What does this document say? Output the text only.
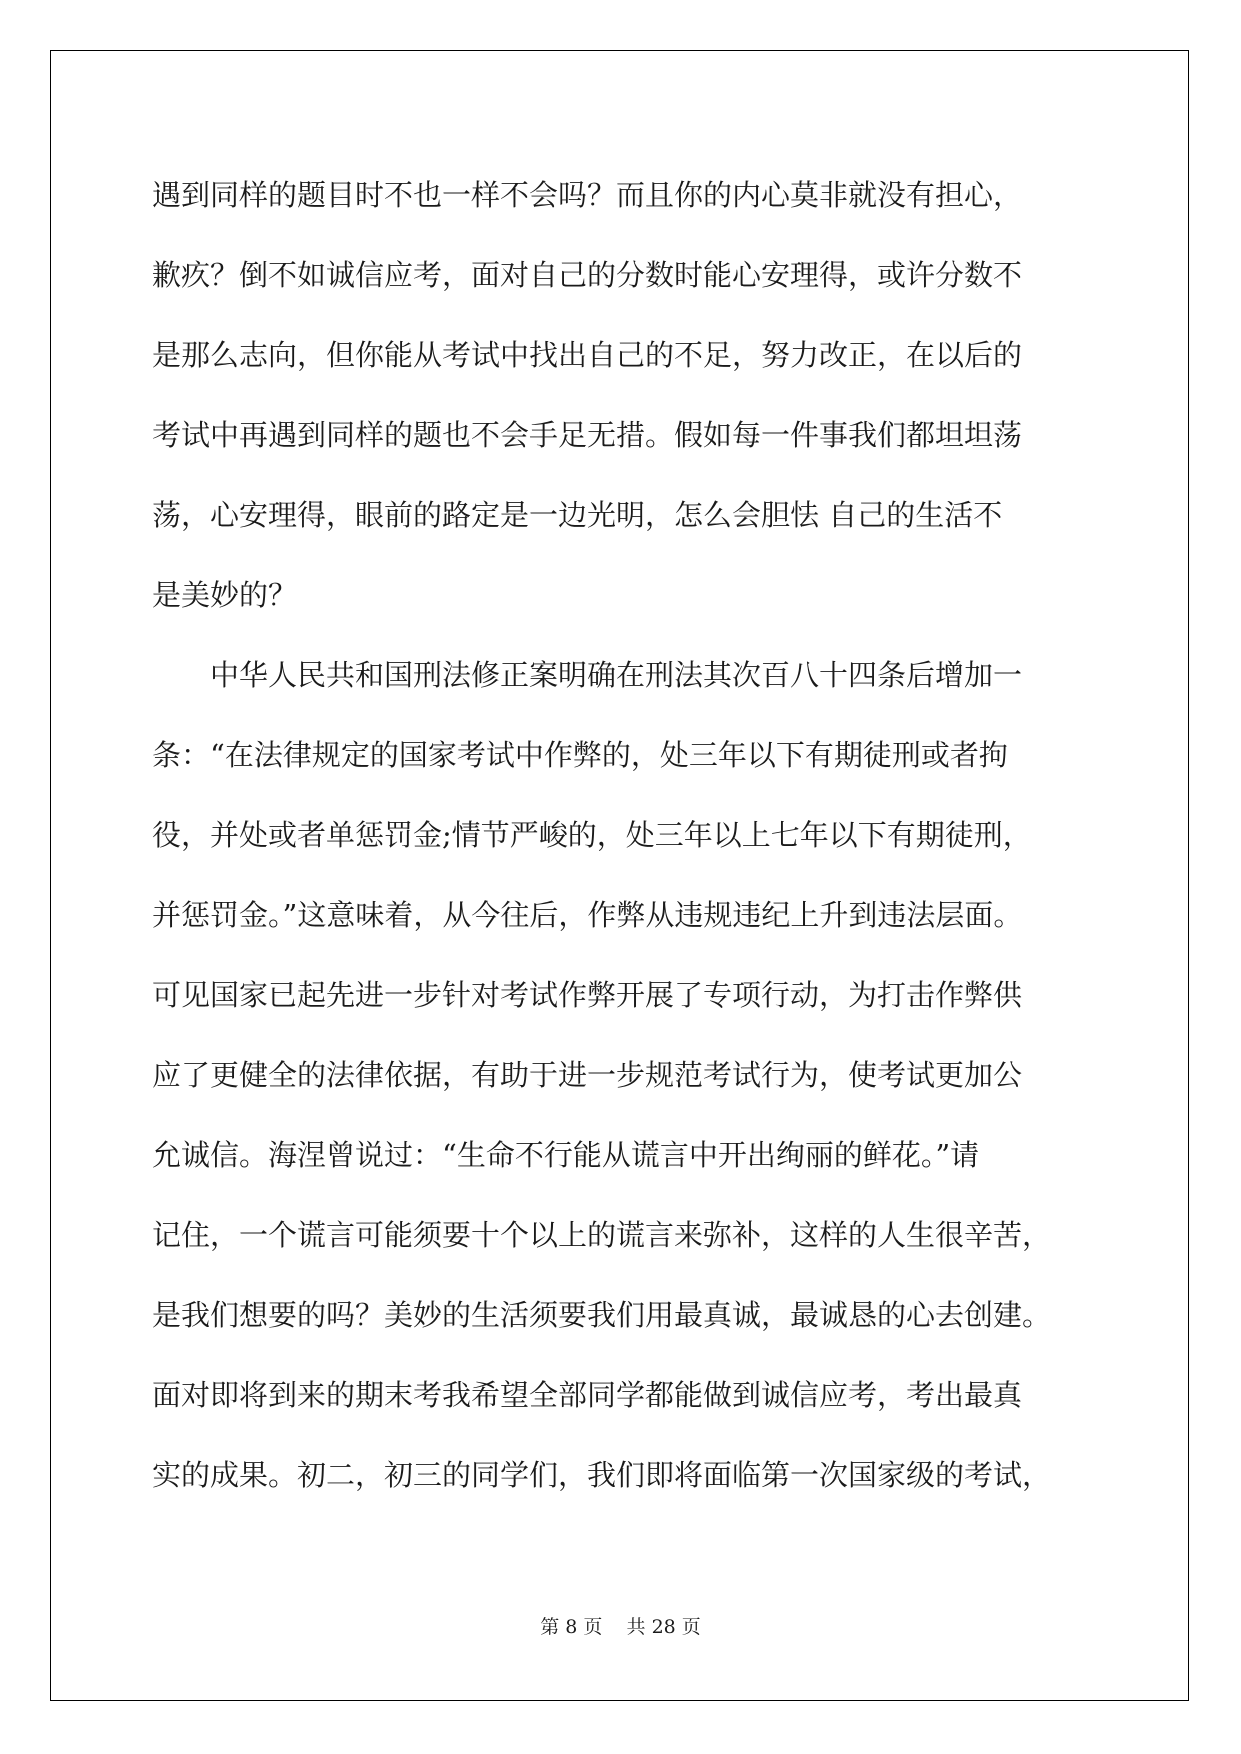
遇到同样的题目时不也一样不会吗？而且你的内心莫非就没有担心，
歉疚？倒不如诚信应考，面对自己的分数时能心安理得，或许分数不
是那么志向，但你能从考试中找出自己的不足，努力改正，在以后的
考试中再遇到同样的题也不会手足无措。假如每一件事我们都坦坦荡
荡，心安理得，眼前的路定是一边光明，怎么会胆怯 自己的生活不
是美妙的？
　　中华人民共和国刑法修正案明确在刑法其次百八十四条后增加一
条：“在法律规定的国家考试中作弊的，处三年以下有期徒刑或者拘
役，并处或者单惩罚金;情节严峻的，处三年以上七年以下有期徒刑，
并惩罚金。”这意味着，从今往后，作弊从违规违纪上升到违法层面。
可见国家已起先进一步针对考试作弊开展了专项行动，为打击作弊供
应了更健全的法律依据，有助于进一步规范考试行为，使考试更加公
允诚信。海涅曾说过：“生命不行能从谎言中开出绚丽的鲜花。”请
记住，一个谎言可能须要十个以上的谎言来弥补，这样的人生很辛苦，
是我们想要的吗？美妙的生活须要我们用最真诚，最诚恳的心去创建。
面对即将到来的期末考我希望全部同学都能做到诚信应考，考出最真
实的成果。初二，初三的同学们，我们即将面临第一次国家级的考试，
第 8 页    共 28 页
